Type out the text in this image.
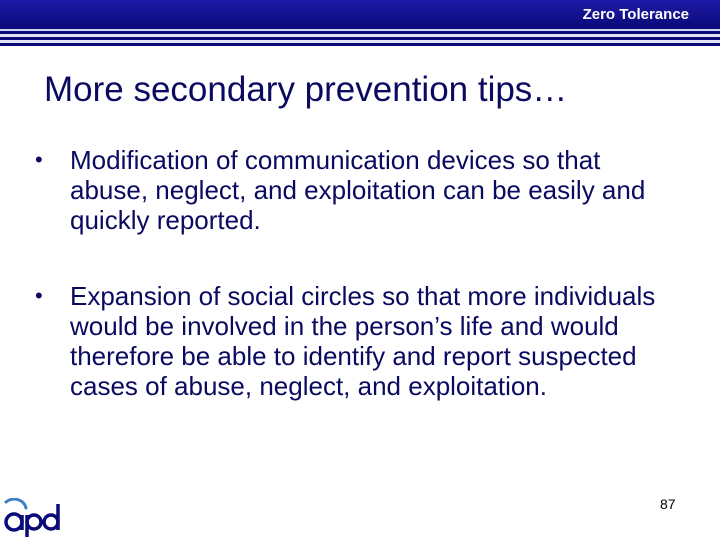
Zero Tolerance
More secondary prevention tips…
• Modification of communication devices so that abuse, neglect, and exploitation can be easily and quickly reported.
• Expansion of social circles so that more individuals would be involved in the person’s life and would therefore be able to identify and report suspected cases of abuse, neglect, and exploitation.
87
